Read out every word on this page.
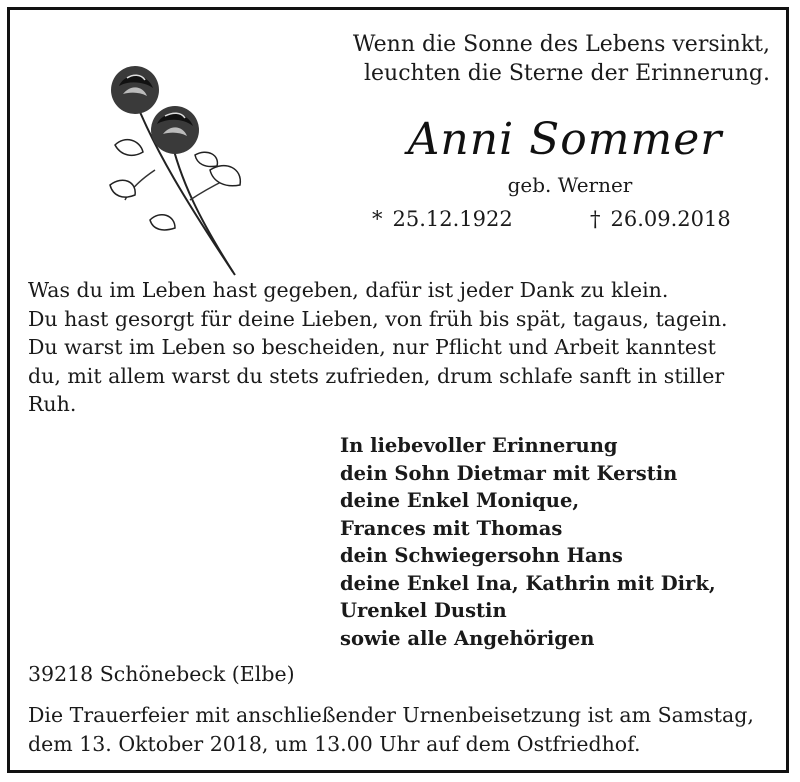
Wenn die Sonne des Lebens versinkt,
leuchten die Sterne der Erinnerung.
Anni Sommer
geb. Werner
* 25.12.1922	† 26.09.2018
Was du im Leben hast gegeben, dafür ist jeder Dank zu klein.
Du hast gesorgt für deine Lieben, von früh bis spät, tagaus, tagein.
Du warst im Leben so bescheiden, nur Pflicht und Arbeit kanntest
du, mit allem warst du stets zufrieden, drum schlafe sanft in stiller
Ruh.
In liebevoller Erinnerung
dein Sohn Dietmar mit Kerstin
deine Enkel Monique,
Frances mit Thomas
dein Schwiegersohn Hans
deine Enkel Ina, Kathrin mit Dirk,
Urenkel Dustin
sowie alle Angehörigen
39218 Schönebeck (Elbe)
Die Trauerfeier mit anschließender Urnenbeisetzung ist am Samstag,
dem 13. Oktober 2018, um 13.00 Uhr auf dem Ostfriedhof.
